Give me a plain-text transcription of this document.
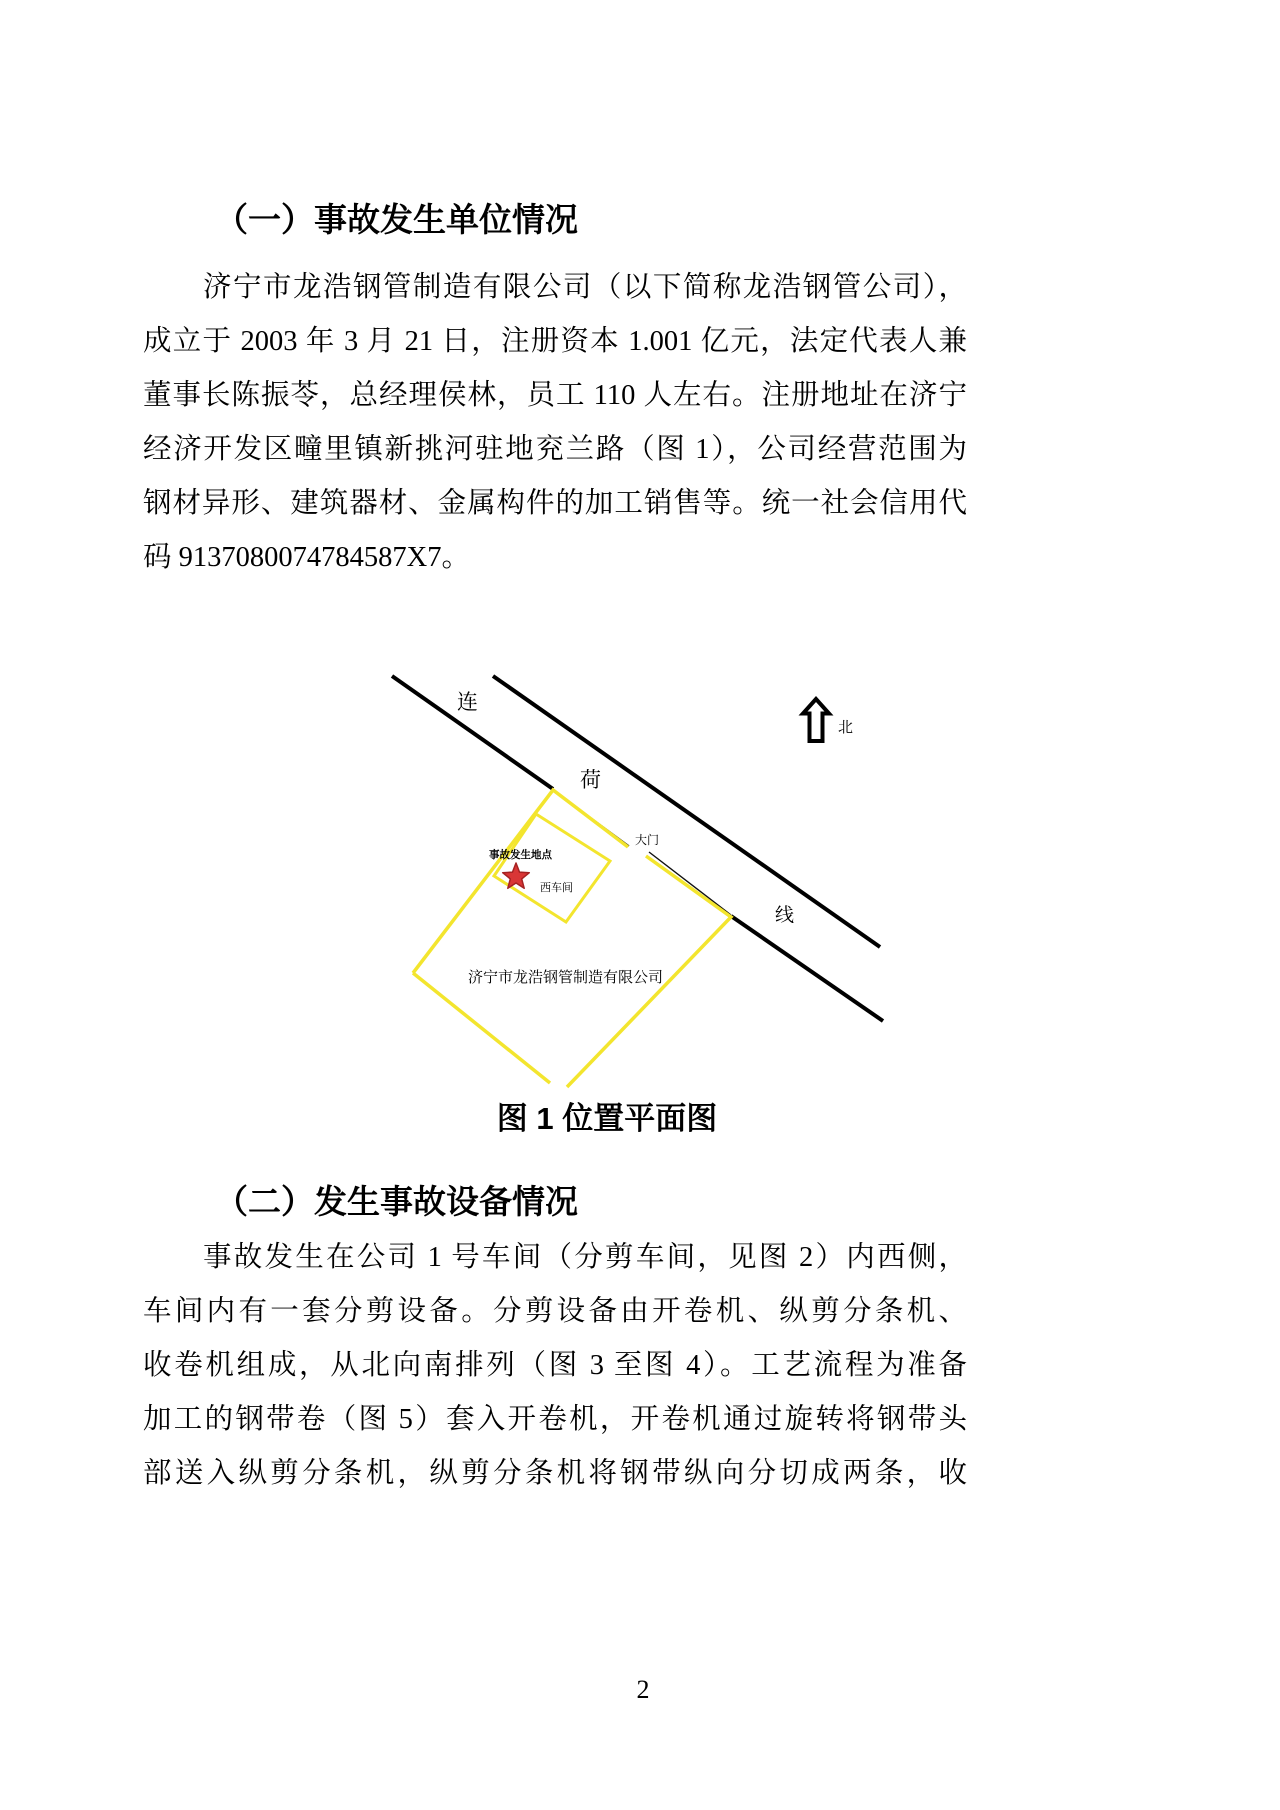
（一）事故发生单位情况
济宁市龙浩钢管制造有限公司（以下简称龙浩钢管公司），
成立于 2003 年 3 月 21 日，注册资本 1.001 亿元，法定代表人兼
董事长陈振苓，总经理侯林，员工 110 人左右。注册地址在济宁
经济开发区疃里镇新挑河驻地兖兰路（图 1），公司经营范围为
钢材异形、建筑器材、金属构件的加工销售等。统一社会信用代
码 9137080074784587X7。
北
连
荷
线
大门
事故发生地点
西车间
济宁市龙浩钢管制造有限公司
图 1 位置平面图
（二）发生事故设备情况
事故发生在公司 1 号车间（分剪车间，见图 2）内西侧，
车间内有一套分剪设备。分剪设备由开卷机、纵剪分条机、
收卷机组成，从北向南排列（图 3 至图 4）。工艺流程为准备
加工的钢带卷（图 5）套入开卷机，开卷机通过旋转将钢带头
部送入纵剪分条机，纵剪分条机将钢带纵向分切成两条，收
2
